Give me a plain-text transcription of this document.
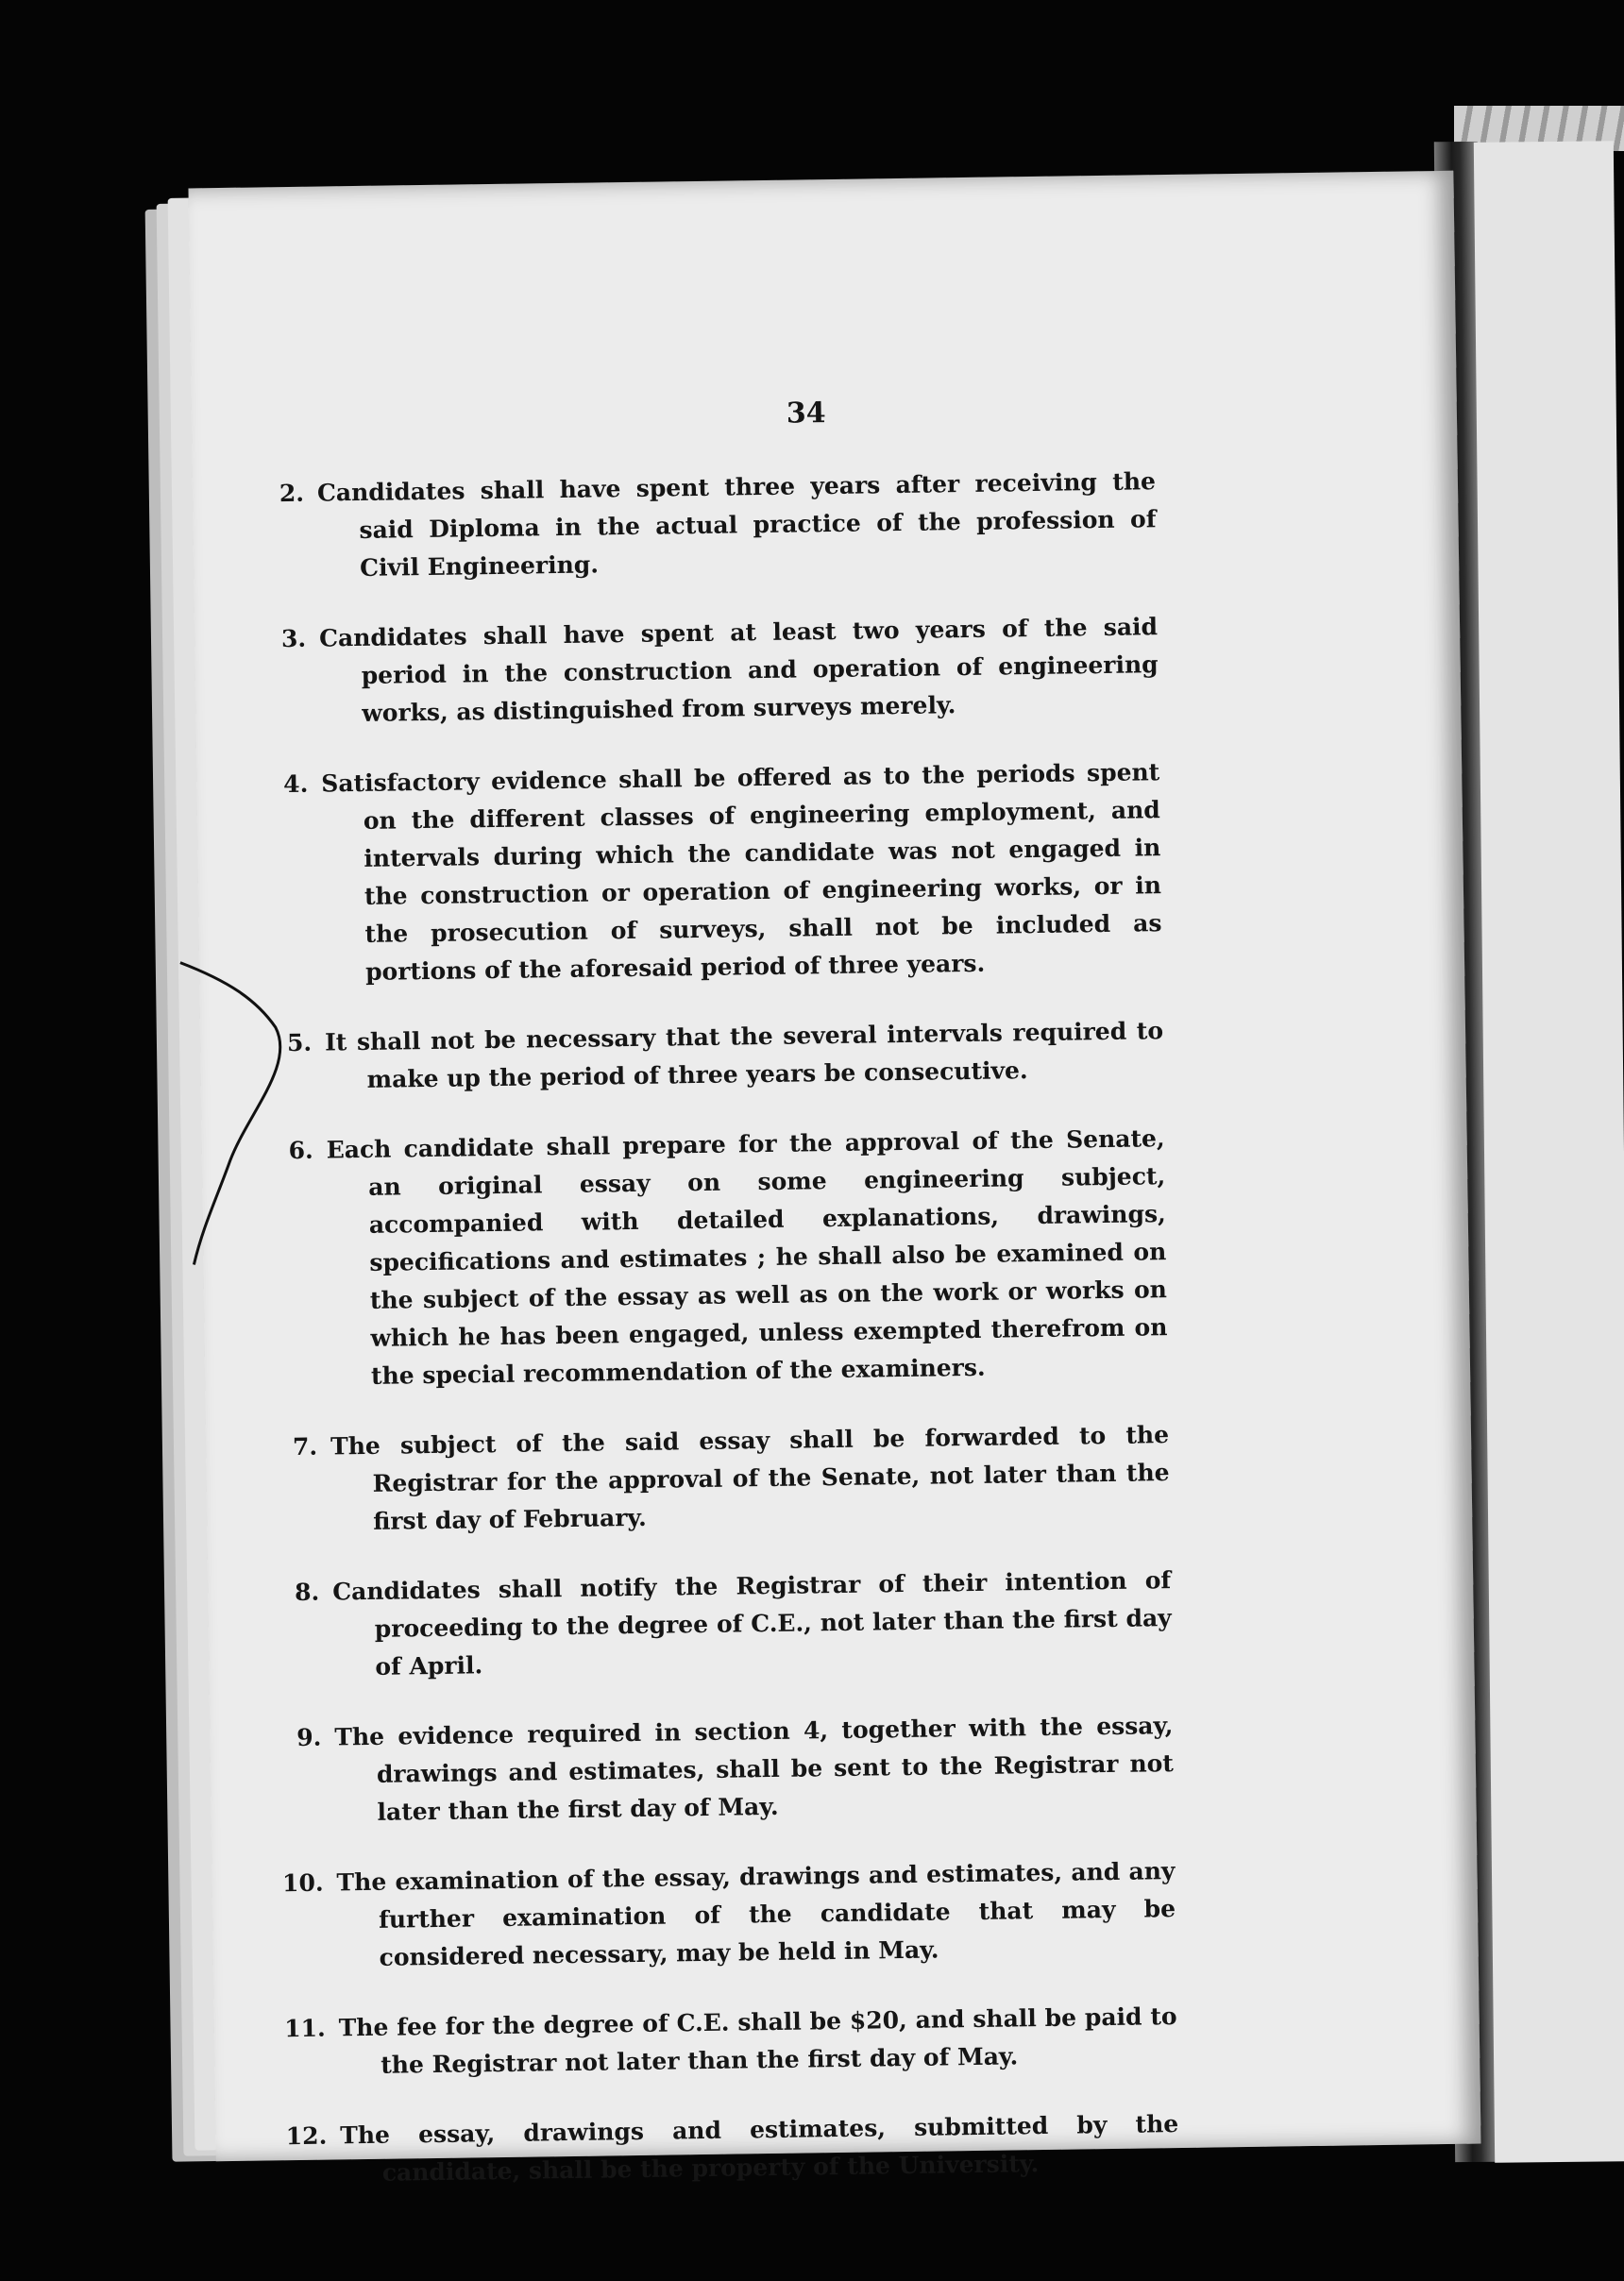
34
2. Candidates shall have spent three years after receiving the said Diploma in the actual practice of the profession of Civil Engineering.
3. Candidates shall have spent at least two years of the said period in the construction and operation of engineering works, as distinguished from surveys merely.
4. Satisfactory evidence shall be offered as to the periods spent on the different classes of engineering employment, and intervals during which the candidate was not engaged in the construction or operation of engineering works, or in the prosecution of surveys, shall not be included as portions of the aforesaid period of three years.
5. It shall not be necessary that the several intervals required to make up the period of three years be consecutive.
6. Each candidate shall prepare for the approval of the Senate, an original essay on some engineering subject, accompanied with detailed explanations, drawings, specifications and estimates ; he shall also be examined on the subject of the essay as well as on the work or works on which he has been engaged, unless exempted therefrom on the special recommendation of the examiners.
7. The subject of the said essay shall be forwarded to the Registrar for the approval of the Senate, not later than the first day of February.
8. Candidates shall notify the Registrar of their intention of proceeding to the degree of C.E., not later than the first day of April.
9. The evidence required in section 4, together with the essay, drawings and estimates, shall be sent to the Registrar not later than the first day of May.
10. The examination of the essay, drawings and estimates, and any further examination of the candidate that may be considered necessary, may be held in May.
11. The fee for the degree of C.E. shall be $20, and shall be paid to the Registrar not later than the first day of May.
12. The essay, drawings and estimates, submitted by the candidate, shall be the property of the University.
